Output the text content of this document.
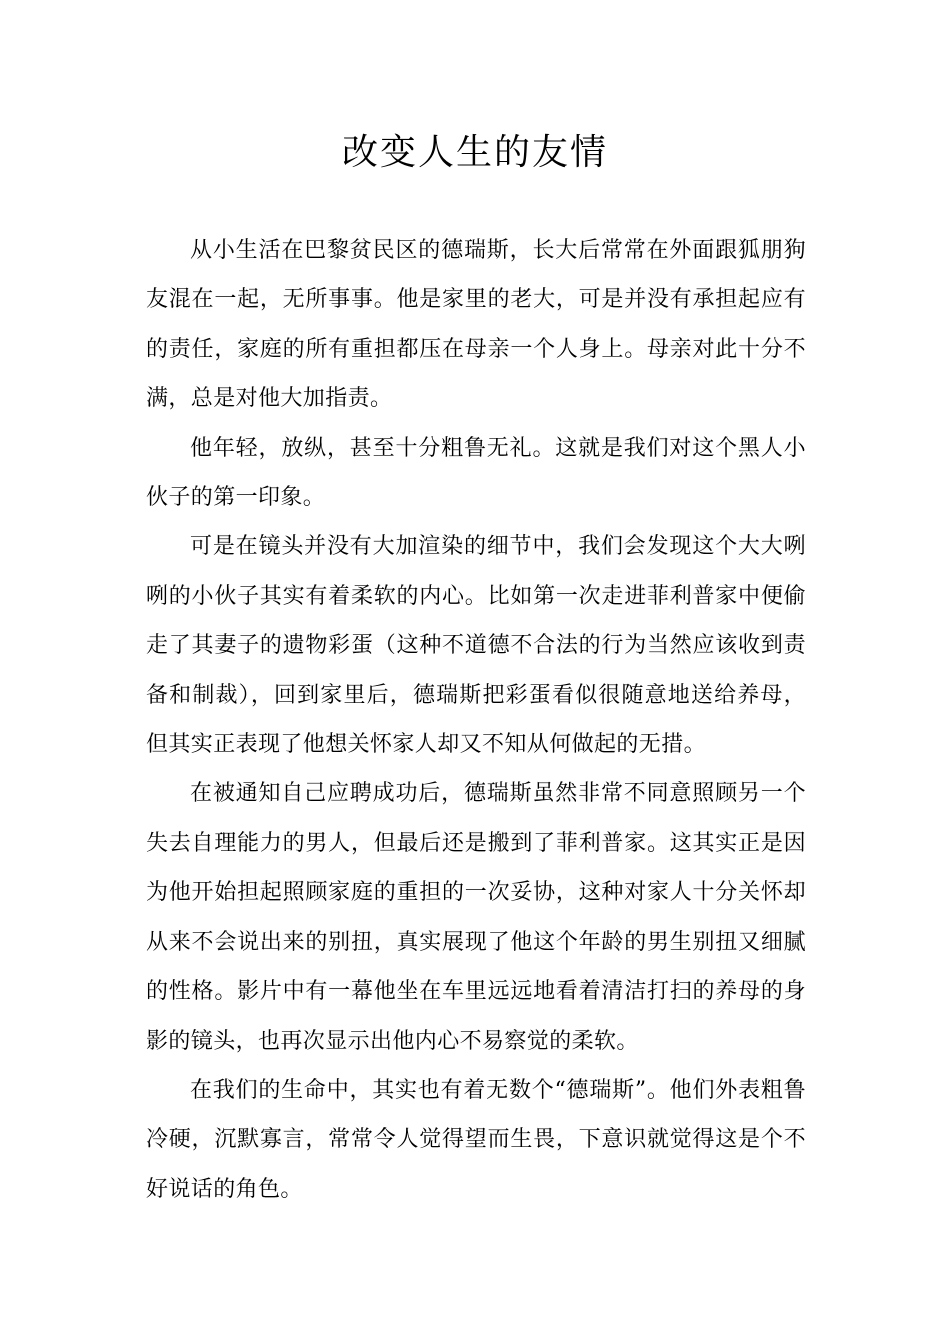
改变人生的友情

从小生活在巴黎贫民区的德瑞斯，长大后常常在外面跟狐朋狗友混在一起，无所事事。他是家里的老大，可是并没有承担起应有的责任，家庭的所有重担都压在母亲一个人身上。母亲对此十分不满，总是对他大加指责。

他年轻，放纵，甚至十分粗鲁无礼。这就是我们对这个黑人小伙子的第一印象。

可是在镜头并没有大加渲染的细节中，我们会发现这个大大咧咧的小伙子其实有着柔软的内心。比如第一次走进菲利普家中便偷走了其妻子的遗物彩蛋（这种不道德不合法的行为当然应该收到责备和制裁），回到家里后，德瑞斯把彩蛋看似很随意地送给养母，但其实正表现了他想关怀家人却又不知从何做起的无措。

在被通知自己应聘成功后，德瑞斯虽然非常不同意照顾另一个失去自理能力的男人，但最后还是搬到了菲利普家。这其实正是因为他开始担起照顾家庭的重担的一次妥协，这种对家人十分关怀却从来不会说出来的别扭，真实展现了他这个年龄的男生别扭又细腻的性格。影片中有一幕他坐在车里远远地看着清洁打扫的养母的身影的镜头，也再次显示出他内心不易察觉的柔软。

在我们的生命中，其实也有着无数个“德瑞斯”。他们外表粗鲁冷硬，沉默寡言，常常令人觉得望而生畏，下意识就觉得这是个不好说话的角色。
